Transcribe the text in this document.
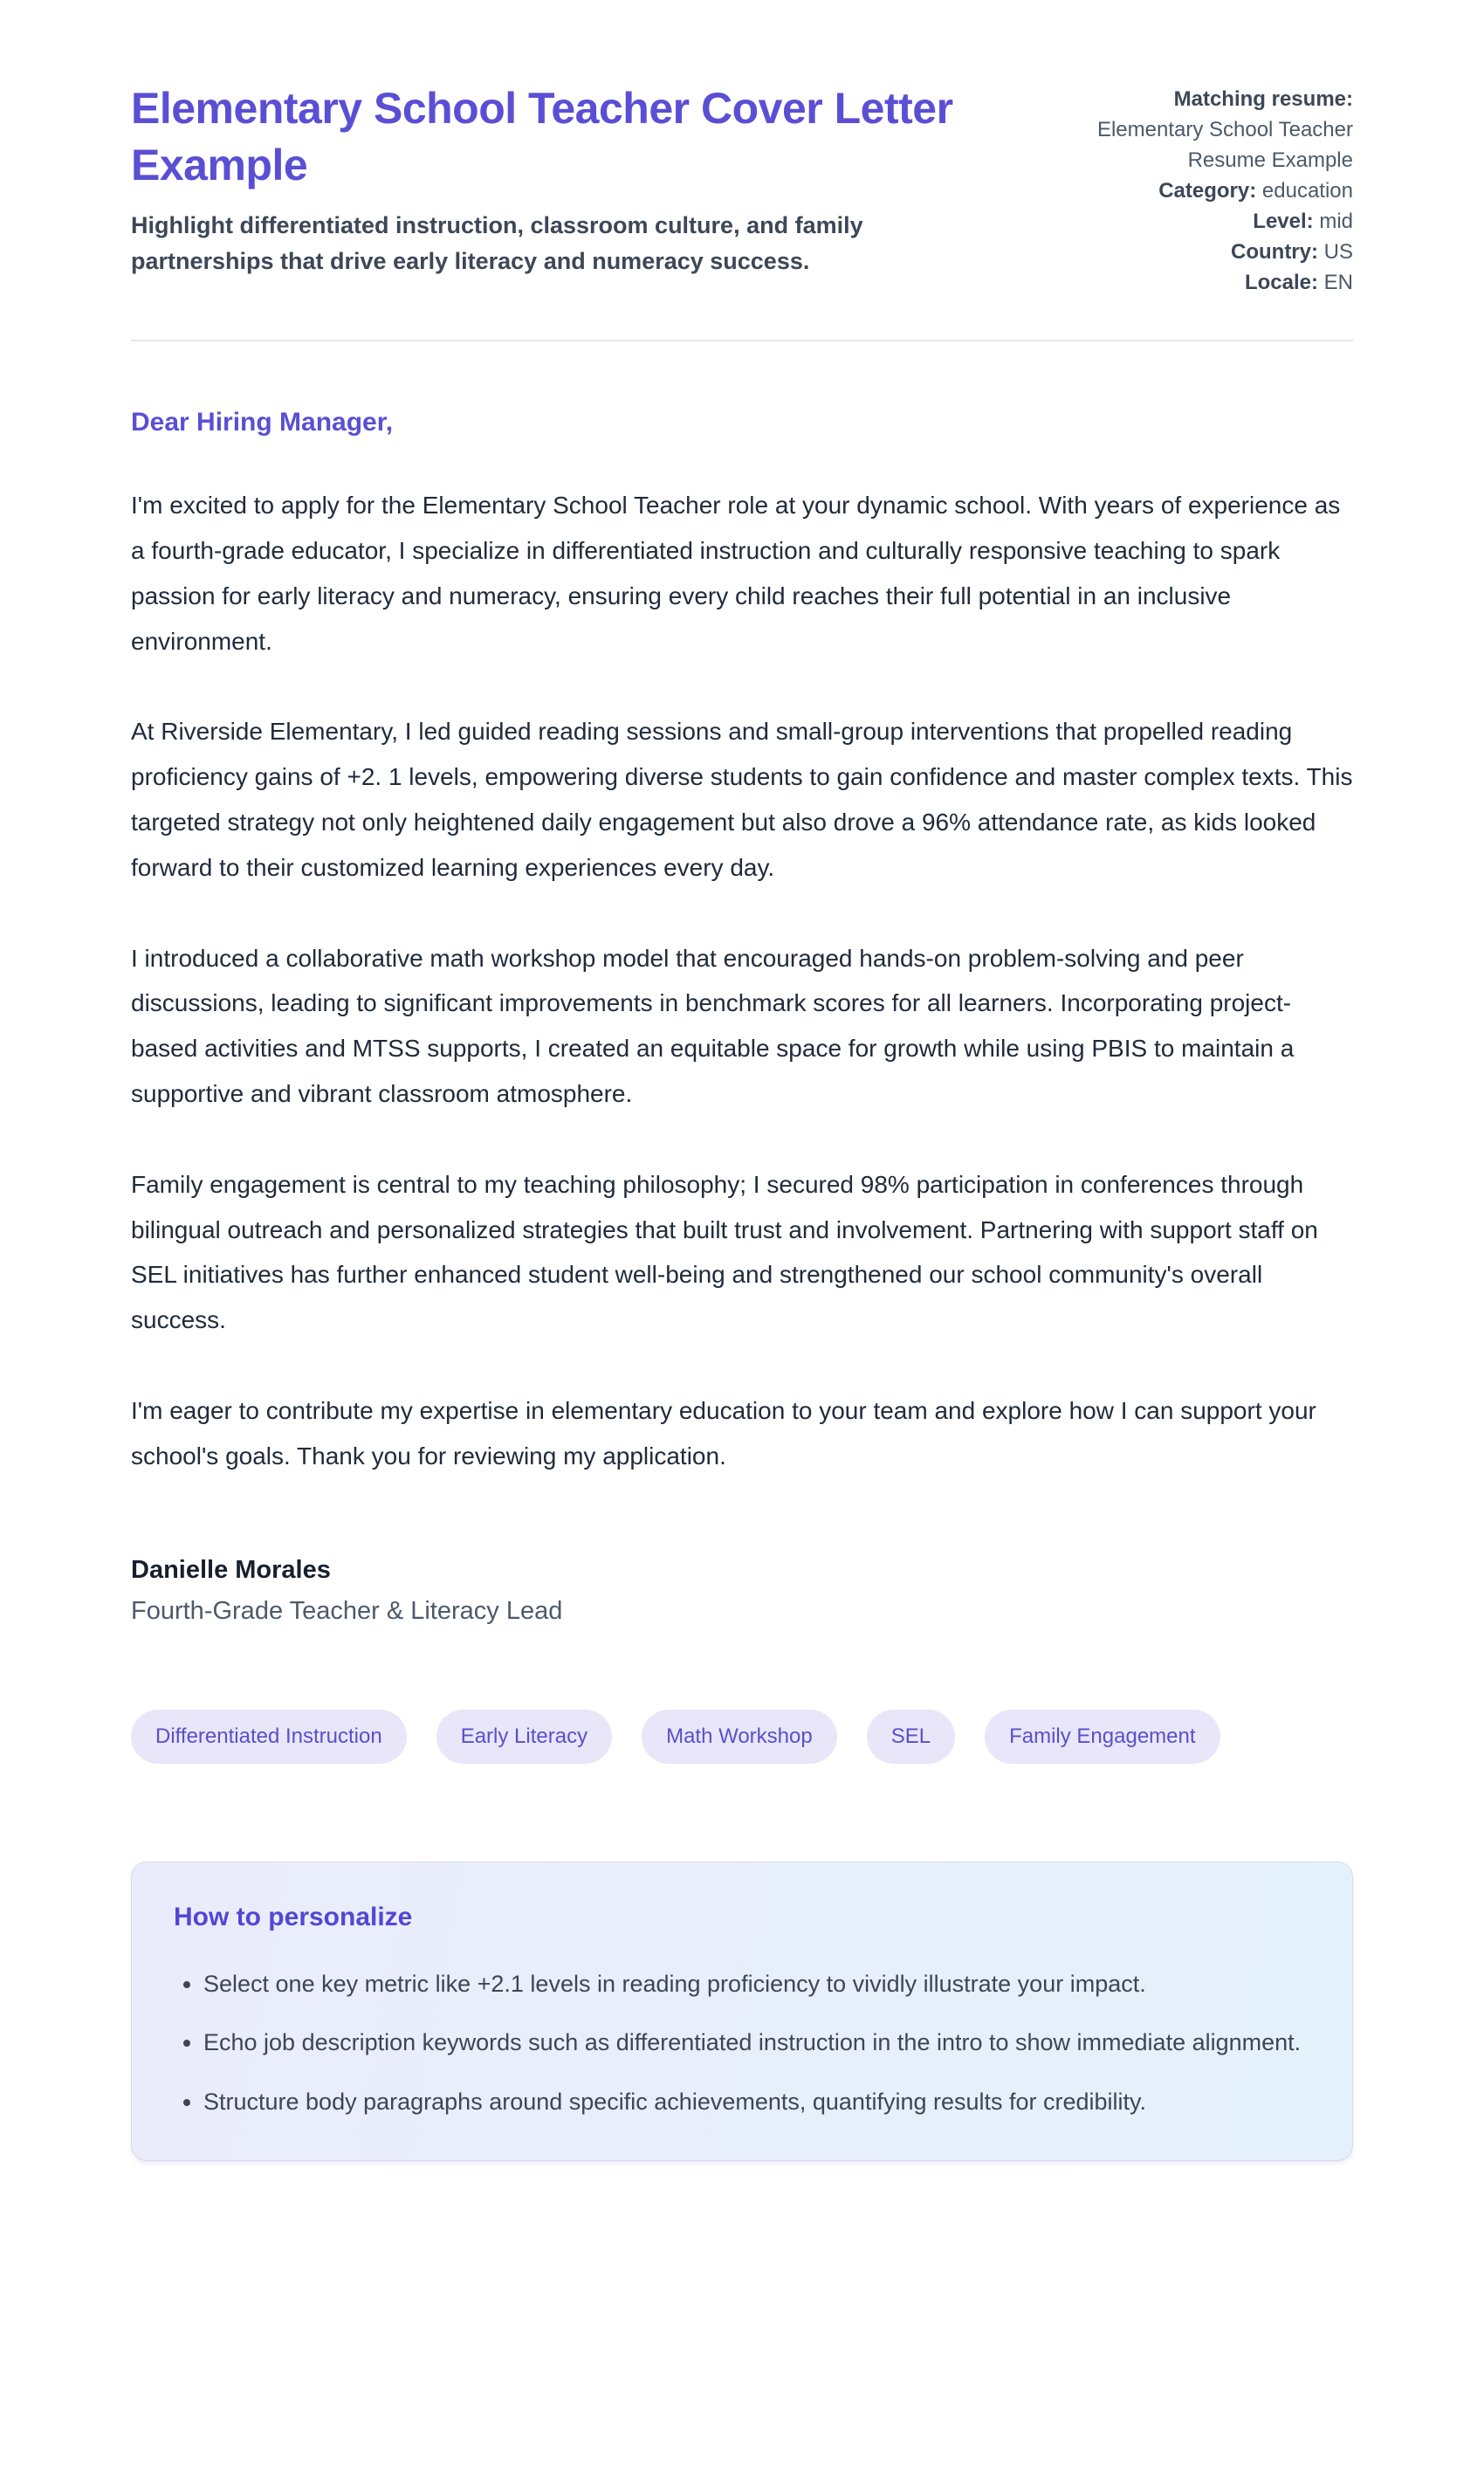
Elementary School Teacher Cover Letter Example
Highlight differentiated instruction, classroom culture, and family partnerships that drive early literacy and numeracy success.
Matching resume:
Elementary School Teacher Resume Example
Category: education
Level: mid
Country: US
Locale: EN
Dear Hiring Manager,

I'm excited to apply for the Elementary School Teacher role at your dynamic school. With years of experience as a fourth-grade educator, I specialize in differentiated instruction and culturally responsive teaching to spark passion for early literacy and numeracy, ensuring every child reaches their full potential in an inclusive environment.

At Riverside Elementary, I led guided reading sessions and small-group interventions that propelled reading proficiency gains of +2. 1 levels, empowering diverse students to gain confidence and master complex texts. This targeted strategy not only heightened daily engagement but also drove a 96% attendance rate, as kids looked forward to their customized learning experiences every day.

I introduced a collaborative math workshop model that encouraged hands-on problem-solving and peer discussions, leading to significant improvements in benchmark scores for all learners. Incorporating project-based activities and MTSS supports, I created an equitable space for growth while using PBIS to maintain a supportive and vibrant classroom atmosphere.

Family engagement is central to my teaching philosophy; I secured 98% participation in conferences through bilingual outreach and personalized strategies that built trust and involvement. Partnering with support staff on SEL initiatives has further enhanced student well-being and strengthened our school community's overall success.

I'm eager to contribute my expertise in elementary education to your team and explore how I can support your school's goals. Thank you for reviewing my application.

Danielle Morales
Fourth-Grade Teacher & Literacy Lead
Differentiated Instruction	Early Literacy	Math Workshop	SEL	Family Engagement
How to personalize
• Select one key metric like +2.1 levels in reading proficiency to vividly illustrate your impact.
• Echo job description keywords such as differentiated instruction in the intro to show immediate alignment.
• Structure body paragraphs around specific achievements, quantifying results for credibility.
